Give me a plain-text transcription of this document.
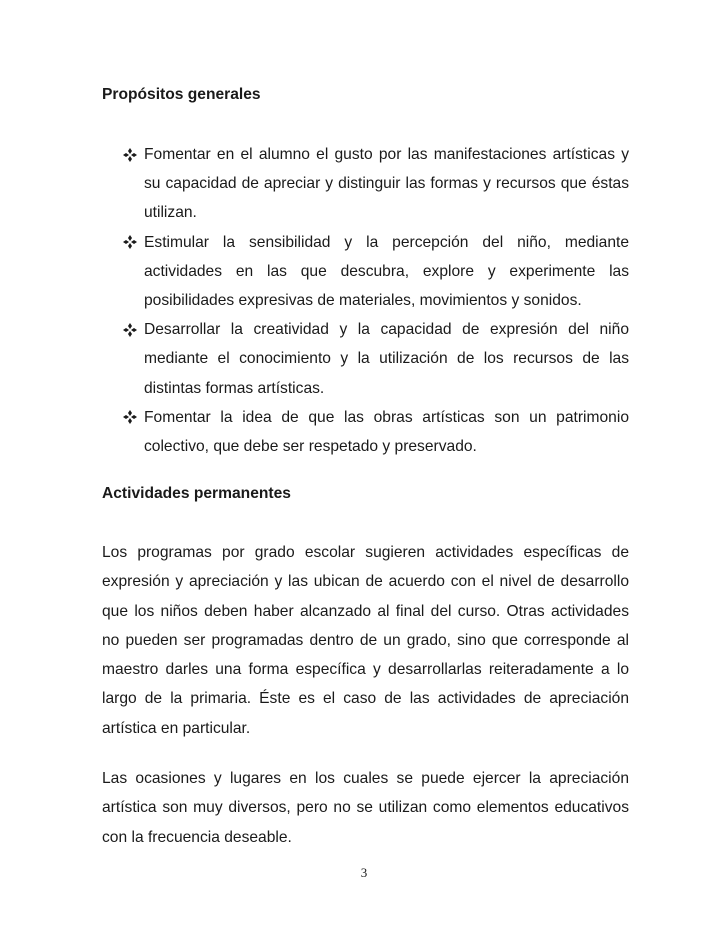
Propósitos generales
Fomentar en el alumno el gusto por las manifestaciones artísticas y su capacidad de apreciar y distinguir las formas y recursos que éstas utilizan.
Estimular la sensibilidad y la percepción del niño, mediante actividades en las que descubra, explore y experimente las posibilidades expresivas de materiales, movimientos y sonidos.
Desarrollar la creatividad y la capacidad de expresión del niño mediante el conocimiento y la utilización de los recursos de las distintas formas artísticas.
Fomentar la idea de que las obras artísticas son un patrimonio colectivo, que debe ser respetado y preservado.
Actividades permanentes

Los programas por grado escolar sugieren actividades específicas de expresión y apreciación y las ubican de acuerdo con el nivel de desarrollo que los niños deben haber alcanzado al final del curso. Otras actividades no pueden ser programadas dentro de un grado, sino que corresponde al maestro darles una forma específica y desarrollarlas reiteradamente a lo largo de la primaria. Éste es el caso de las actividades de apreciación artística en particular.

Las ocasiones y lugares en los cuales se puede ejercer la apreciación artística son muy diversos, pero no se utilizan como elementos educativos con la frecuencia deseable.

3
